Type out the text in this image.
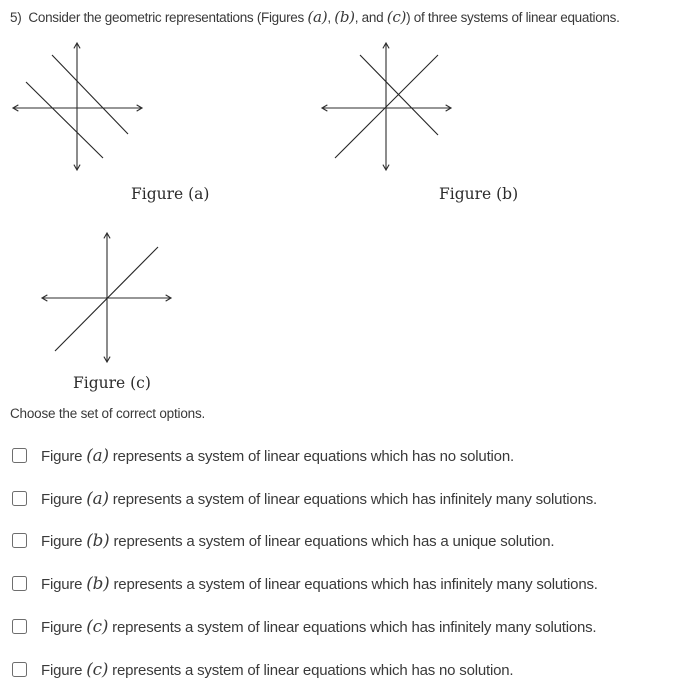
5) Consider the geometric representations (Figures (a), (b), and (c)) of three systems of linear equations.
Figure (a)	Figure (b)
Figure (c)
Choose the set of correct options.
Figure (a) represents a system of linear equations which has no solution.
Figure (a) represents a system of linear equations which has infinitely many solutions.
Figure (b) represents a system of linear equations which has a unique solution.
Figure (b) represents a system of linear equations which has infinitely many solutions.
Figure (c) represents a system of linear equations which has infinitely many solutions.
Figure (c) represents a system of linear equations which has no solution.
